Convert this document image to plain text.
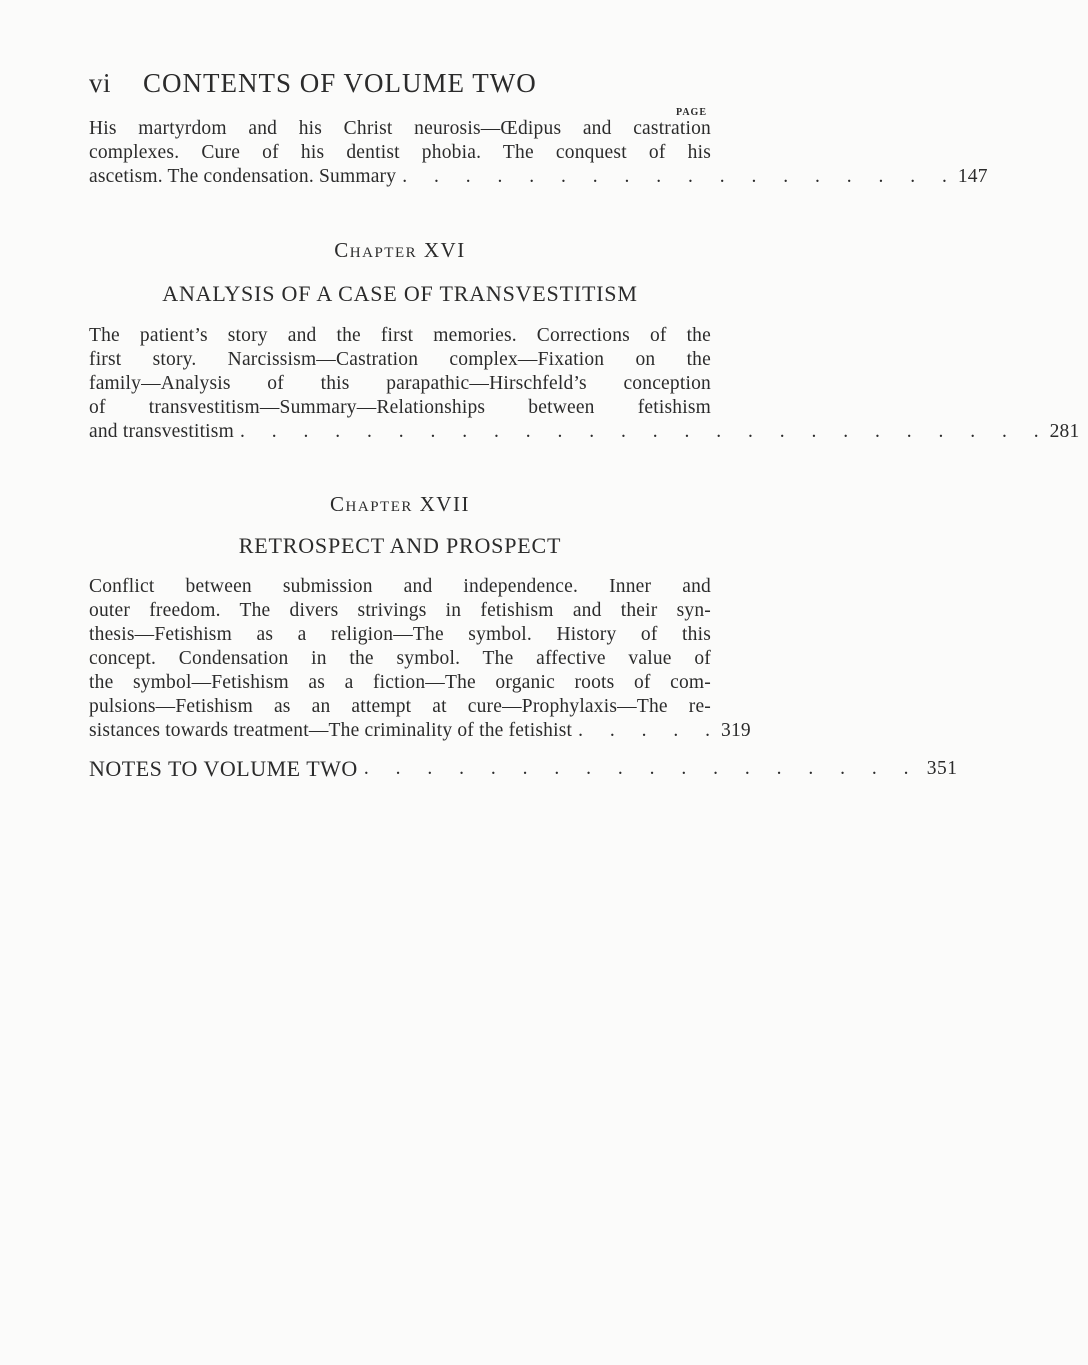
vi CONTENTS OF VOLUME TWO
PAGE
His martyrdom and his Christ neurosis—Œdipus and castration
complexes. Cure of his dentist phobia. The conquest of his
ascetism. The condensation. Summary . . . . . . . . . . . . . . . . . . 147
Chapter XVI
ANALYSIS OF A CASE OF TRANSVESTITISM
The patient’s story and the first memories. Corrections of the
first story. Narcissism—Castration complex—Fixation on the
family—Analysis of this parapathic—Hirschfeld’s conception
of transvestitism—Summary—Relationships between fetishism
and transvestitism . . . . . . . . . . . . . . . . . . . . . . . . . . 281
Chapter XVII
RETROSPECT AND PROSPECT
Conflict between submission and independence. Inner and
outer freedom. The divers strivings in fetishism and their syn-
thesis—Fetishism as a religion—The symbol. History of this
concept. Condensation in the symbol. The affective value of
the symbol—Fetishism as a fiction—The organic roots of com-
pulsions—Fetishism as an attempt at cure—Prophylaxis—The re-
sistances towards treatment—The criminality of the fetishist . . . . . 319
NOTES TO VOLUME TWO . . . . . . . . . . . . . . . . . . 351
